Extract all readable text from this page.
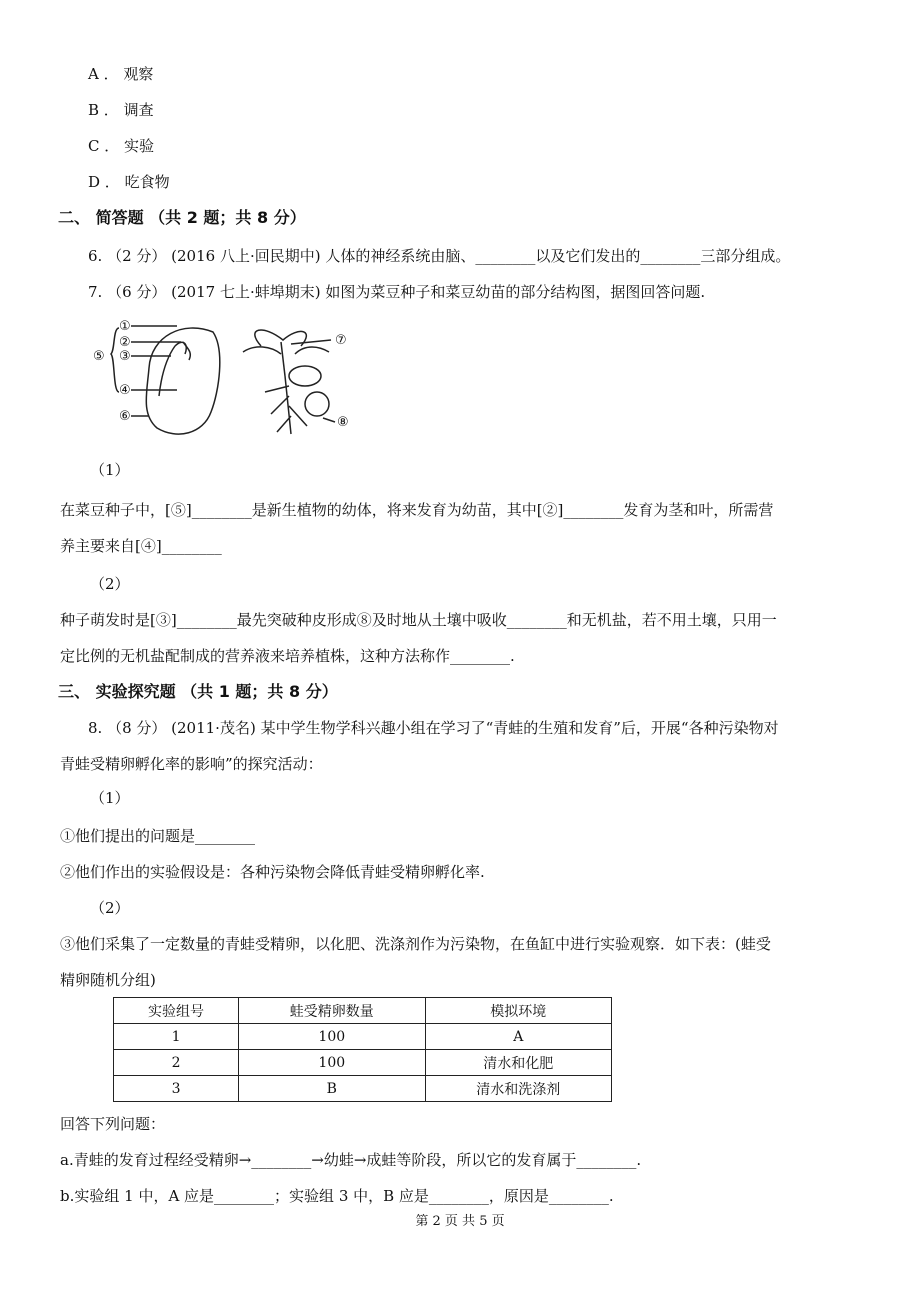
A ． 观察
B ． 调查
C ． 实验
D ． 吃食物
二、 简答题 （共 2 题；共 8 分）
6. （2 分） (2016 八上·回民期中) 人体的神经系统由脑、________以及它们发出的________三部分组成。
7. （6 分） (2017 七上·蚌埠期末) 如图为菜豆种子和菜豆幼苗的部分结构图，据图回答问题.
①
②
③
④
⑤
⑥
⑦
⑧
（1）
在菜豆种子中，[⑤]________是新生植物的幼体，将来发育为幼苗，其中[②]________发育为茎和叶，所需营
养主要来自[④]________
（2）
种子萌发时是[③]________最先突破种皮形成⑧及时地从土壤中吸收________和无机盐，若不用土壤，只用一
定比例的无机盐配制成的营养液来培养植株，这种方法称作________.
三、 实验探究题 （共 1 题；共 8 分）
8. （8 分） (2011·茂名) 某中学生物学科兴趣小组在学习了“青蛙的生殖和发育”后，开展“各种污染物对
青蛙受精卵孵化率的影响”的探究活动：
（1）
①他们提出的问题是________
②他们作出的实验假设是：各种污染物会降低青蛙受精卵孵化率.
（2）
③他们采集了一定数量的青蛙受精卵，以化肥、洗涤剂作为污染物，在鱼缸中进行实验观察．如下表：(蛙受
精卵随机分组)
实验组号	蛙受精卵数量	模拟环境
1	100	A
2	100	清水和化肥
3	B	清水和洗涤剂
回答下列问题：
a.青蛙的发育过程经受精卵→________→幼蛙→成蛙等阶段，所以它的发育属于________.
b.实验组 1 中，A 应是________；实验组 3 中，B 应是________，原因是________.
第 2 页 共 5 页
